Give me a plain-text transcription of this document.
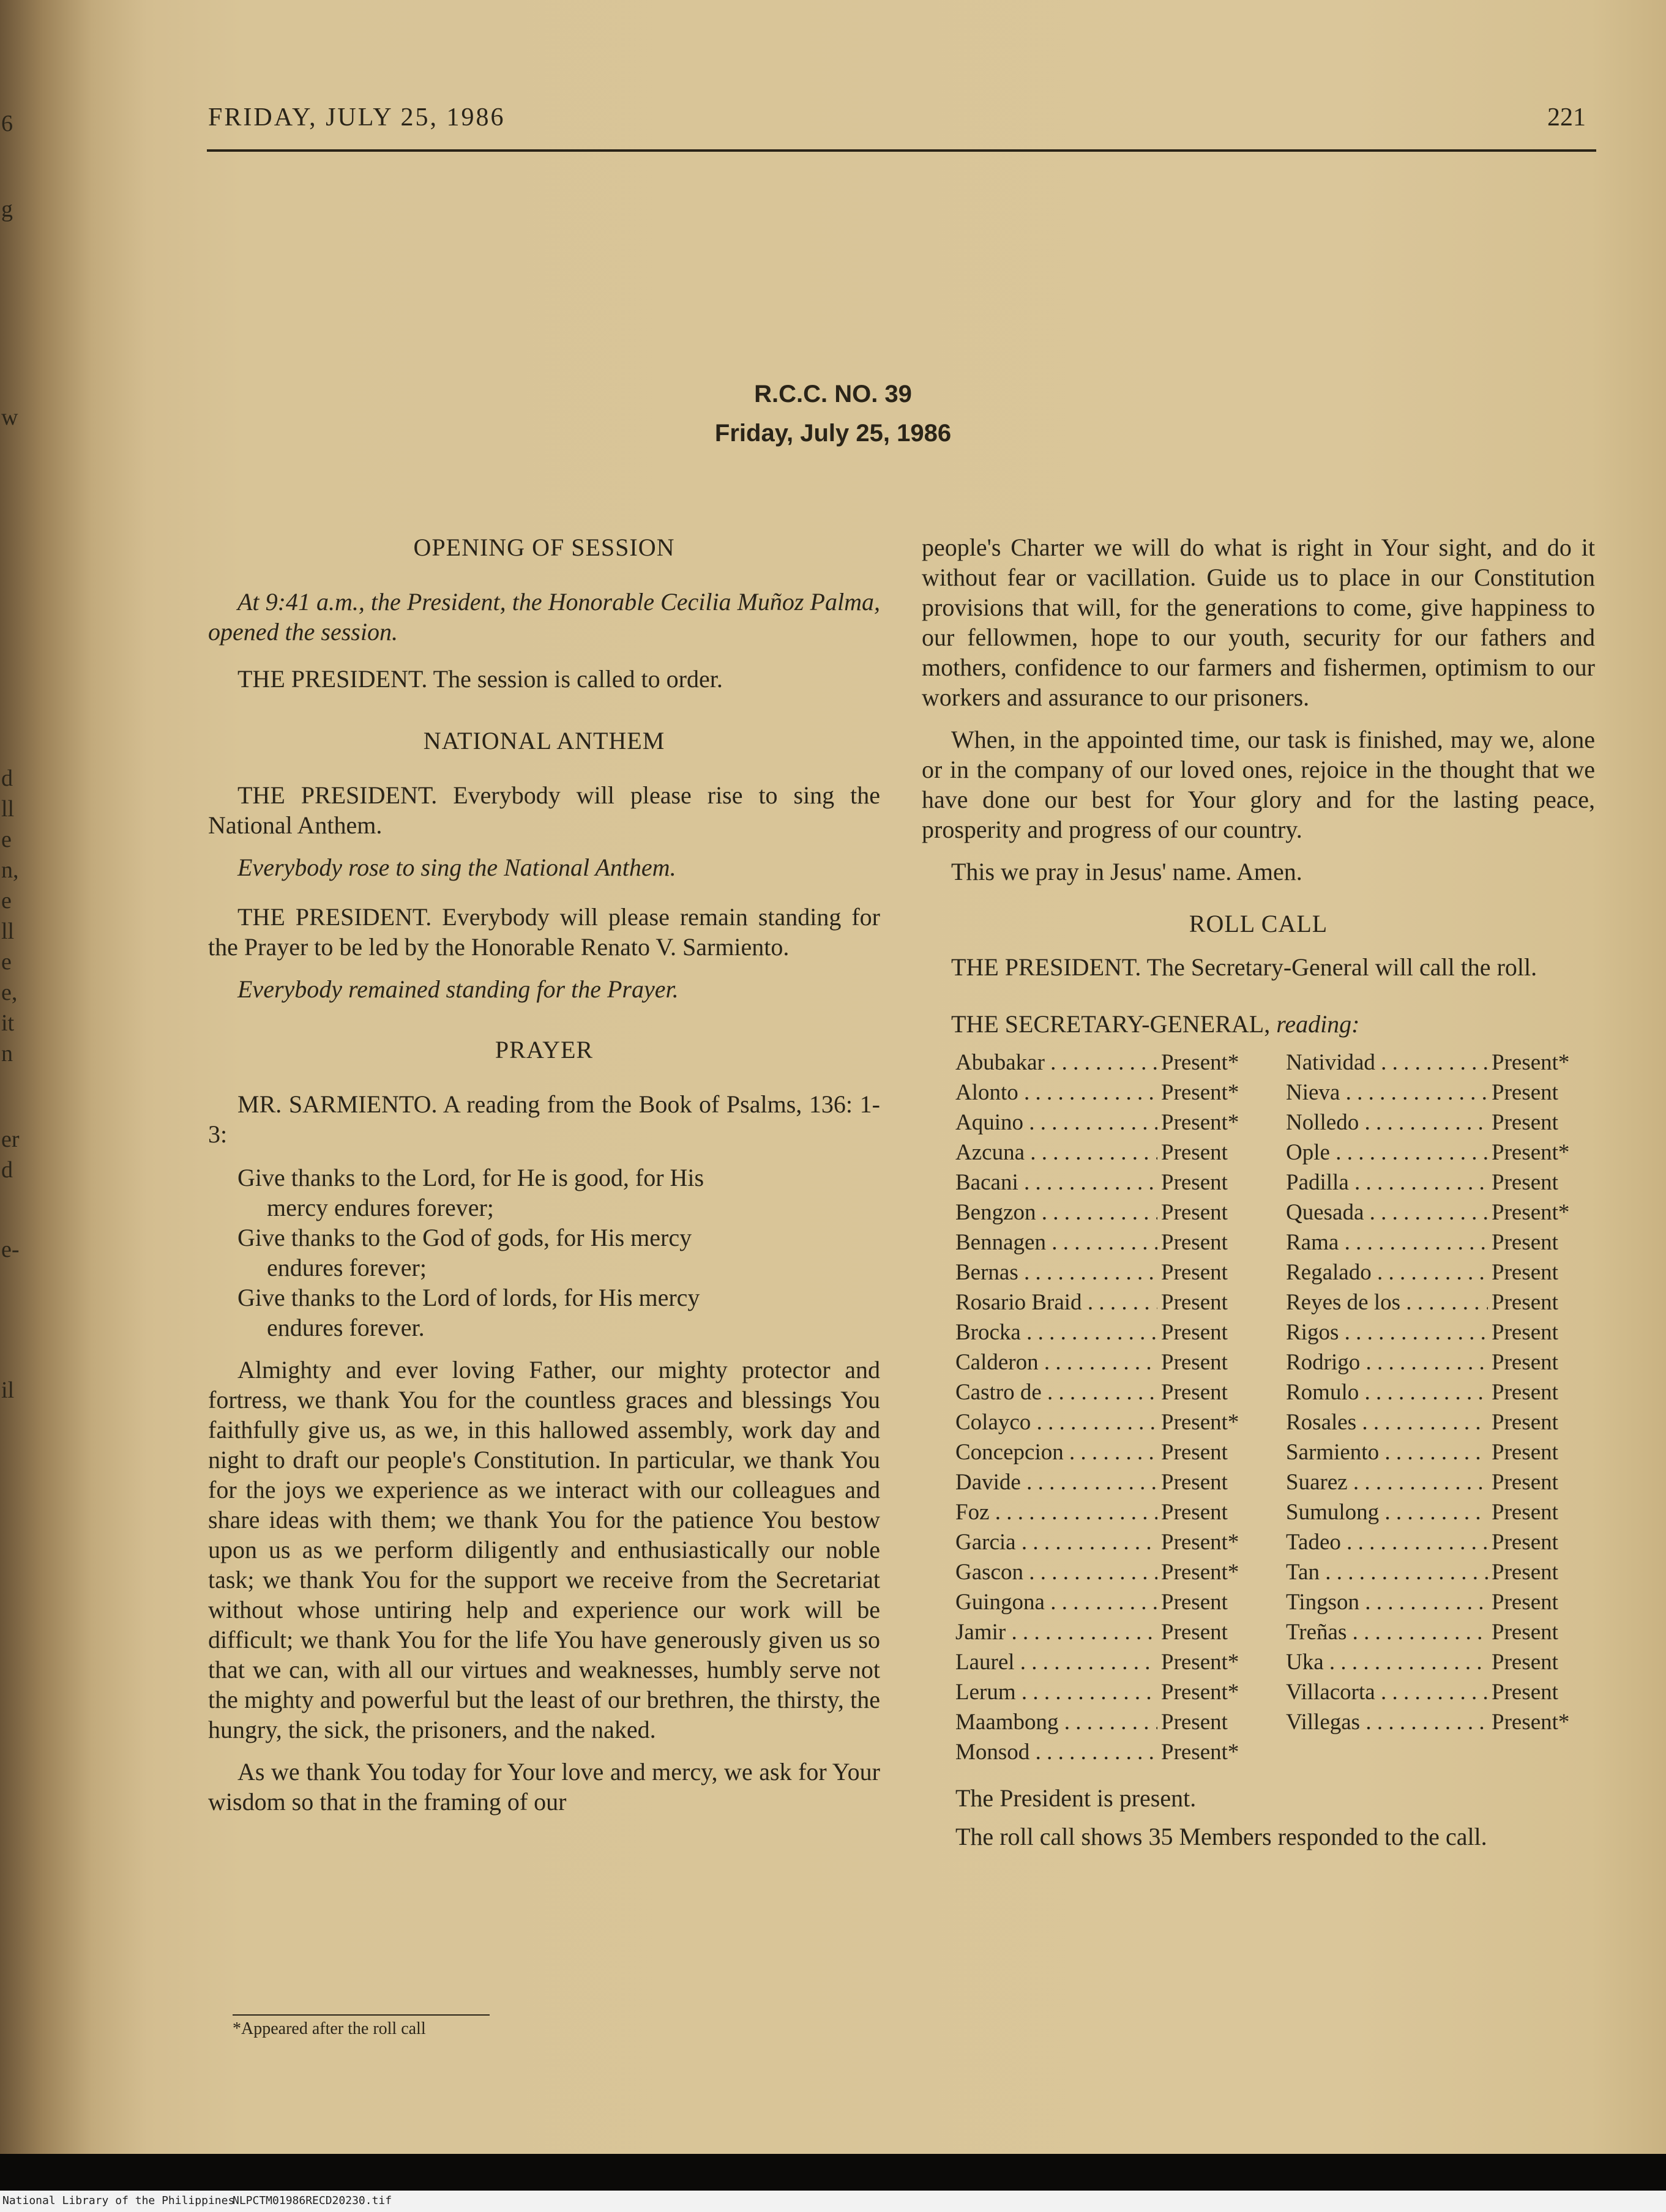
6
g
w
d
ll
e
n,
e
ll
e
e,
it
n
er
d
e-
il
FRIDAY, JULY 25, 1986	221
R.C.C. NO. 39
Friday, July 25, 1986
OPENING OF SESSION

At 9:41 a.m., the President, the Honorable Cecilia Muñoz Palma, opened the session.

THE PRESIDENT. The session is called to order.

NATIONAL ANTHEM

THE PRESIDENT. Everybody will please rise to sing the National Anthem.

Everybody rose to sing the National Anthem.

THE PRESIDENT. Everybody will please remain standing for the Prayer to be led by the Honorable Renato V. Sarmiento.

Everybody remained standing for the Prayer.

PRAYER

MR. SARMIENTO. A reading from the Book of Psalms, 136: 1-3:

Give thanks to the Lord, for He is good, for His

mercy endures forever;

Give thanks to the God of gods, for His mercy

endures forever;

Give thanks to the Lord of lords, for His mercy

endures forever.

Almighty and ever loving Father, our mighty protector and fortress, we thank You for the countless graces and blessings You faithfully give us, as we, in this hallowed assembly, work day and night to draft our people's Constitution. In particular, we thank You for the joys we experience as we interact with our colleagues and share ideas with them; we thank You for the patience You bestow upon us as we perform diligently and enthusiastically our noble task; we thank You for the support we receive from the Secretariat without whose untiring help and experience our work will be difficult; we thank You for the life You have generously given us so that we can, with all our virtues and weaknesses, humbly serve not the mighty and powerful but the least of our brethren, the thirsty, the hungry, the sick, the prisoners, and the naked.

As we thank You today for Your love and mercy, we ask for Your wisdom so that in the framing of our

people's Charter we will do what is right in Your sight, and do it without fear or vacillation. Guide us to place in our Constitution provisions that will, for the generations to come, give happiness to our fellowmen, hope to our youth, security for our fathers and mothers, confidence to our farmers and fishermen, optimism to our workers and assurance to our prisoners.

When, in the appointed time, our task is finished, may we, alone or in the company of our loved ones, rejoice in the thought that we have done our best for Your glory and for the lasting peace, prosperity and progress of our country.

This we pray in Jesus' name. Amen.

ROLL CALL

THE PRESIDENT. The Secretary-General will call the roll.

THE SECRETARY-GENERAL, reading:

Abubakar . . .	Present*	Natividad . . .	Present*
Alonto . . .	Present*	Nieva . . .	Present
Aquino . . .	Present*	Nolledo . . .	Present
Azcuna . . .	Present	Ople . . .	Present*
Bacani . . .	Present	Padilla . . .	Present
Bengzon . . .	Present	Quesada . . .	Present*
Bennagen . . .	Present	Rama . . .	Present
Bernas . . .	Present	Regalado . . .	Present
Rosario Braid . . .	Present	Reyes de los . . .	Present
Brocka . . .	Present	Rigos . . .	Present
Calderon . . .	Present	Rodrigo . . .	Present
Castro de . . .	Present	Romulo . . .	Present
Colayco . . .	Present*	Rosales . . .	Present
Concepcion . . .	Present	Sarmiento . . .	Present
Davide . . .	Present	Suarez . . .	Present
Foz . . .	Present	Sumulong . . .	Present
Garcia . . .	Present*	Tadeo . . .	Present
Gascon . . .	Present*	Tan . . .	Present
Guingona . . .	Present	Tingson . . .	Present
Jamir . . .	Present	Treñas . . .	Present
Laurel . . .	Present*	Uka . . .	Present
Lerum . . .	Present*	Villacorta . . .	Present
Maambong . . .	Present	Villegas . . .	Present*
Monsod . . .	Present*

The President is present.

The roll call shows 35 Members responded to the call.

*Appeared after the roll call
National Library of the Philippines
NLPCTM01986RECD20230.tif
